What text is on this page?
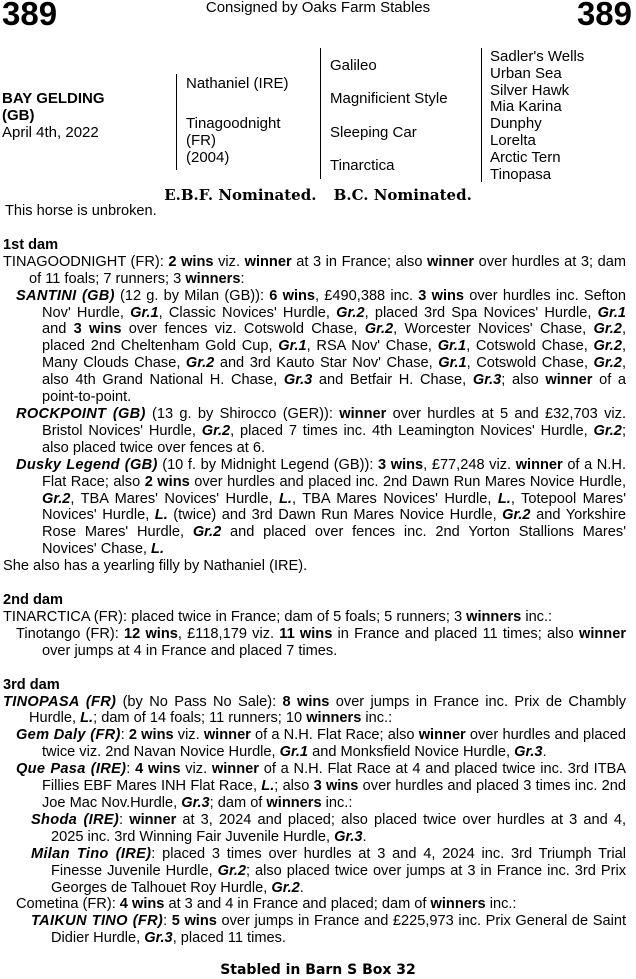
389	Consigned by Oaks Farm Stables	389
BAY GELDING
(GB)
April 4th, 2022
Nathaniel (IRE)
Tinagoodnight
(FR)
(2004)
Galileo
Magnificient Style
Sleeping Car
Tinarctica
Sadler's Wells
Urban Sea
Silver Hawk
Mia Karina
Dunphy
Lorelta
Arctic Tern
Tinopasa
E.B.F. Nominated. B.C. Nominated.

This horse is unbroken.

1st dam

TINAGOODNIGHT (FR): 2 wins viz. winner at 3 in France; also winner over hurdles at 3; dam of 11 foals; 7 runners; 3 winners:

SANTINI (GB) (12 g. by Milan (GB)): 6 wins, £490,388 inc. 3 wins over hurdles inc. Sefton Nov' Hurdle, Gr.1, Classic Novices' Hurdle, Gr.2, placed 3rd Spa Novices' Hurdle, Gr.1 and 3 wins over fences viz. Cotswold Chase, Gr.2, Worcester Novices' Chase, Gr.2, placed 2nd Cheltenham Gold Cup, Gr.1, RSA Nov' Chase, Gr.1, Cotswold Chase, Gr.2, Many Clouds Chase, Gr.2 and 3rd Kauto Star Nov' Chase, Gr.1, Cotswold Chase, Gr.2, also 4th Grand National H. Chase, Gr.3 and Betfair H. Chase, Gr.3; also winner of a point-to-point.

ROCKPOINT (GB) (13 g. by Shirocco (GER)): winner over hurdles at 5 and £32,703 viz. Bristol Novices' Hurdle, Gr.2, placed 7 times inc. 4th Leamington Novices' Hurdle, Gr.2; also placed twice over fences at 6.

Dusky Legend (GB) (10 f. by Midnight Legend (GB)): 3 wins, £77,248 viz. winner of a N.H. Flat Race; also 2 wins over hurdles and placed inc. 2nd Dawn Run Mares Novice Hurdle, Gr.2, TBA Mares' Novices' Hurdle, L., TBA Mares Novices' Hurdle, L., Totepool Mares' Novices' Hurdle, L. (twice) and 3rd Dawn Run Mares Novice Hurdle, Gr.2 and Yorkshire Rose Mares' Hurdle, Gr.2 and placed over fences inc. 2nd Yorton Stallions Mares' Novices' Chase, L.

She also has a yearling filly by Nathaniel (IRE).

2nd dam

TINARCTICA (FR): placed twice in France; dam of 5 foals; 5 runners; 3 winners inc.:

Tinotango (FR): 12 wins, £118,179 viz. 11 wins in France and placed 11 times; also winner over jumps at 4 in France and placed 7 times.

3rd dam

TINOPASA (FR) (by No Pass No Sale): 8 wins over jumps in France inc. Prix de Chambly Hurdle, L.; dam of 14 foals; 11 runners; 10 winners inc.:

Gem Daly (FR): 2 wins viz. winner of a N.H. Flat Race; also winner over hurdles and placed twice viz. 2nd Navan Novice Hurdle, Gr.1 and Monksfield Novice Hurdle, Gr.3.

Que Pasa (IRE): 4 wins viz. winner of a N.H. Flat Race at 4 and placed twice inc. 3rd ITBA Fillies EBF Mares INH Flat Race, L.; also 3 wins over hurdles and placed 3 times inc. 2nd Joe Mac Nov.Hurdle, Gr.3; dam of winners inc.:

Shoda (IRE): winner at 3, 2024 and placed; also placed twice over hurdles at 3 and 4, 2025 inc. 3rd Winning Fair Juvenile Hurdle, Gr.3.

Milan Tino (IRE): placed 3 times over hurdles at 3 and 4, 2024 inc. 3rd Triumph Trial Finesse Juvenile Hurdle, Gr.2; also placed twice over jumps at 3 in France inc. 3rd Prix Georges de Talhouet Roy Hurdle, Gr.2.

Cometina (FR): 4 wins at 3 and 4 in France and placed; dam of winners inc.:

TAIKUN TINO (FR): 5 wins over jumps in France and £225,973 inc. Prix General de Saint Didier Hurdle, Gr.3, placed 11 times.

Stabled in Barn S Box 32
